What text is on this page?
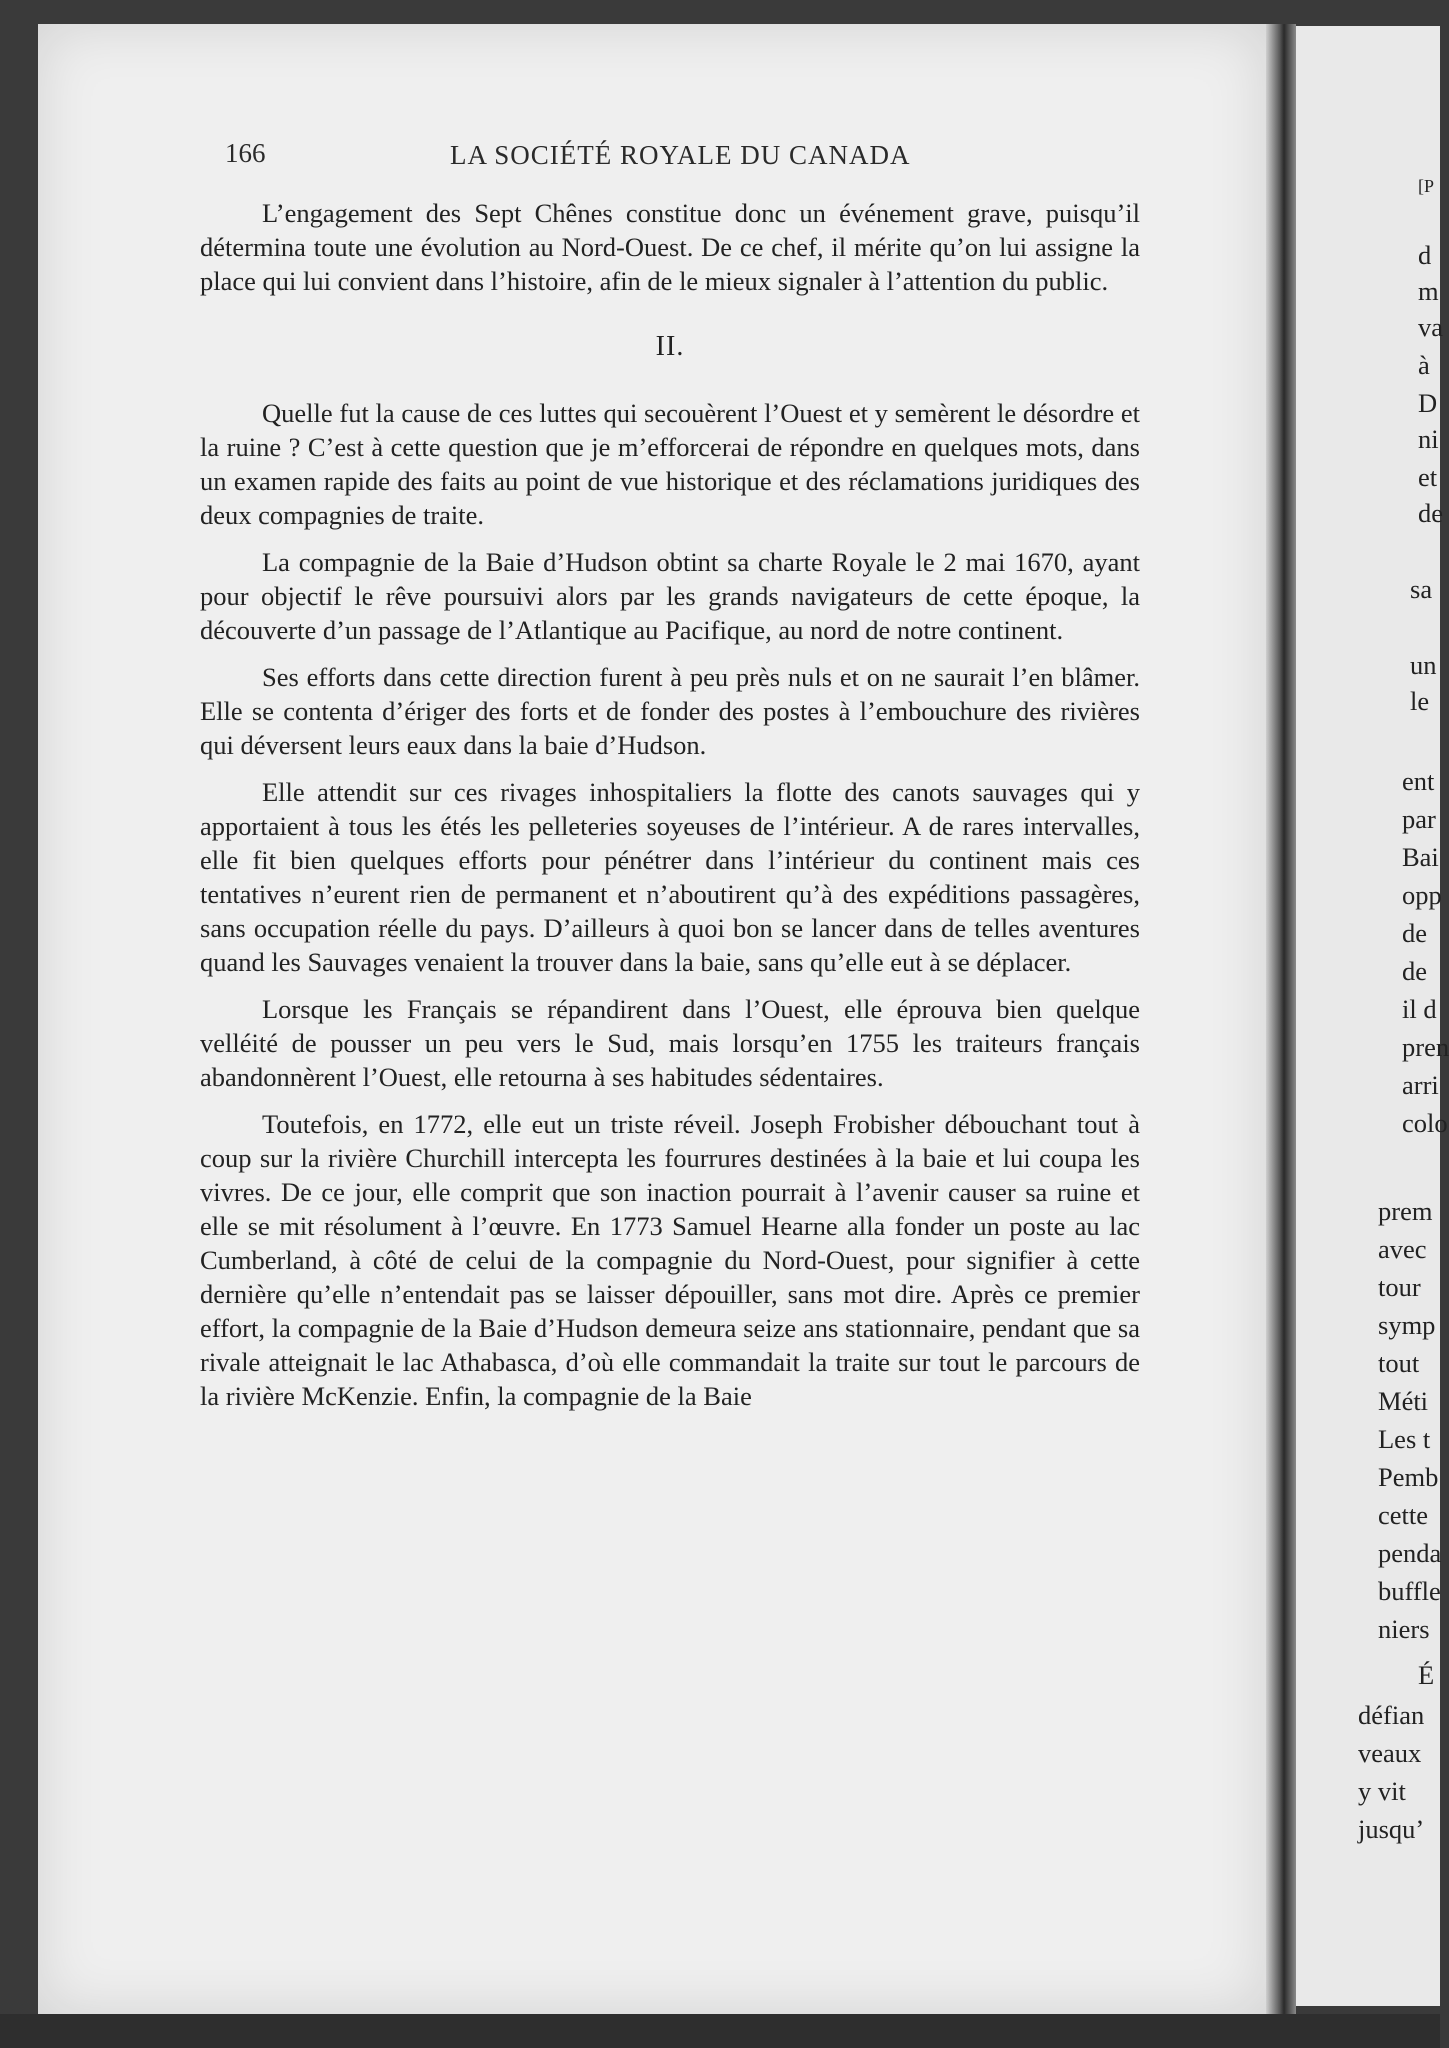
166	LA SOCIÉTÉ ROYALE DU CANADA

L’engagement des Sept Chênes constitue donc un événement grave, puisqu’il détermina toute une évolution au Nord-Ouest. De ce chef, il mérite qu’on lui assigne la place qui lui convient dans l’histoire, afin de le mieux signaler à l’attention du public.

II.

Quelle fut la cause de ces luttes qui secouèrent l’Ouest et y semèrent le désordre et la ruine ? C’est à cette question que je m’efforcerai de répondre en quelques mots, dans un examen rapide des faits au point de vue historique et des réclamations juridiques des deux compagnies de traite.

La compagnie de la Baie d’Hudson obtint sa charte Royale le 2 mai 1670, ayant pour objectif le rêve poursuivi alors par les grands navigateurs de cette époque, la découverte d’un passage de l’Atlantique au Pacifique, au nord de notre continent.

Ses efforts dans cette direction furent à peu près nuls et on ne saurait l’en blâmer. Elle se contenta d’ériger des forts et de fonder des postes à l’embouchure des rivières qui déversent leurs eaux dans la baie d’Hudson.

Elle attendit sur ces rivages inhospitaliers la flotte des canots sauvages qui y apportaient à tous les étés les pelleteries soyeuses de l’intérieur. A de rares intervalles, elle fit bien quelques efforts pour pénétrer dans l’intérieur du continent mais ces tentatives n’eurent rien de permanent et n’aboutirent qu’à des expéditions passagères, sans occupation réelle du pays. D’ailleurs à quoi bon se lancer dans de telles aventures quand les Sauvages venaient la trouver dans la baie, sans qu’elle eut à se déplacer.

Lorsque les Français se répandirent dans l’Ouest, elle éprouva bien quelque velléité de pousser un peu vers le Sud, mais lorsqu’en 1755 les traiteurs français abandonnèrent l’Ouest, elle retourna à ses habitudes sédentaires.

Toutefois, en 1772, elle eut un triste réveil. Joseph Frobisher débouchant tout à coup sur la rivière Churchill intercepta les fourrures destinées à la baie et lui coupa les vivres. De ce jour, elle comprit que son inaction pourrait à l’avenir causer sa ruine et elle se mit résolument à l’œuvre. En 1773 Samuel Hearne alla fonder un poste au lac Cumberland, à côté de celui de la compagnie du Nord-Ouest, pour signifier à cette dernière qu’elle n’entendait pas se laisser dépouiller, sans mot dire. Après ce premier effort, la compagnie de la Baie d’Hudson demeura seize ans stationnaire, pendant que sa rivale atteignait le lac Athabasca, d’où elle commandait la traite sur tout le parcours de la rivière McKenzie. Enfin, la compagnie de la Baie

[P
d
m
va
à
D
ni
et
de
sa
un
le
ent
par
Bai
opp
de
de
il d
pren
arri
colo
prem
avec
tour
symp
tout
Méti
Les t
Pemb
cette
penda
buffle
niers
É
défian
veaux
y vit
jusqu’
